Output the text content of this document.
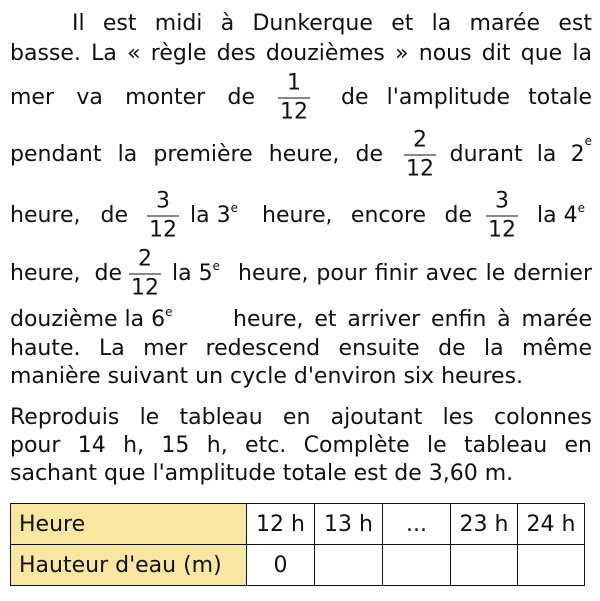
Il est midi à Dunkerque et la marée est
basse. La « règle des douzièmes » nous dit que la
mer va monter de
1
12
de l'amplitude totale
pendant la première heure, de
2
12
durant la 2
e
heure, de
3
12
la 3e heure, encore de
3
12
la 4e
heure, de
2
12
la 5e heure, pour finir avec le dernier
douzième la 6e	heure, et arriver enfin à marée
haute. La mer redescend ensuite de la même
manière suivant un cycle d'environ six heures.
Reproduis le tableau en ajoutant les colonnes
pour 14 h, 15 h, etc. Complète le tableau en
sachant que l'amplitude totale est de 3,60 m.
Heure	12 h	13 h	...	23 h	24 h
Hauteur d'eau (m)	0				
